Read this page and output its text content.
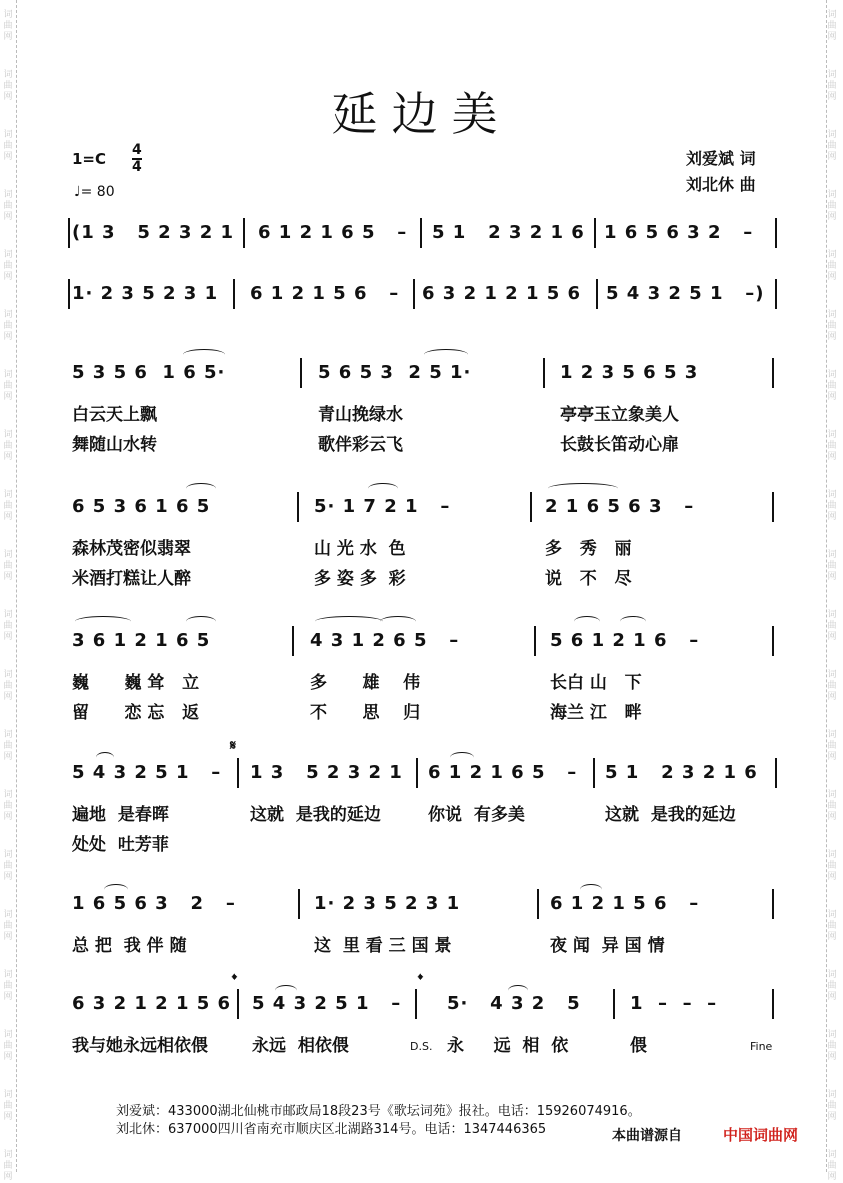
延边美
$1=C \frac{4}{4}$
♩= 80
刘爱斌 词
刘北休 曲
(1 3   5 2 3 2 1 6 1 2 1 6 5   – 5 1   2 3 2 1 6 1 6 5 6 3 2   –
1· 2 3 5 2 3 1 6 1 2 1 5 6   – 6 3 2 1 2 1 5 6 5 4 3 2 5 1   –)
5 3 5 6  1 6 5·	5 6 5 3  2 5 1·	1 2 3 5 6 5 3
白云天上飘	青山挽绿水	亭亭玉立象美人
舞随山水转	歌伴彩云飞	长鼓长笛动心扉
6 5 3 6 1 6 5	5· 1 7 2 1   –	2 1 6 5 6 3   –
森林茂密似翡翠	山 光 水  色	多   秀   丽
米酒打糕让人醉	多 姿 多  彩	说   不   尽
3 6 1 2 1 6 5	4 3 1 2 6 5   –	5 6 1 2 1 6   –
巍      巍 耸   立	多      雄    伟	长白 山   下
留      恋 忘   返	不      思    归	海兰 江   畔
5 4 3 2 5 1   – 1 3   5 2 3 2 1 6 1 2 1 6 5   – 5 1   2 3 2 1 6
遍地  是春晖	这就  是我的延边	你说  有多美	这就  是我的延边
处处  吐芳菲
1 6 5 6 3   2   –	1· 2 3 5 2 3 1	6 1 2 1 5 6   –
总 把  我 伴 随	这  里 看 三 国 景	夜 闻  异 国 情
6 3 2 1 2 1 5 6 5 4 3 2 5 1   –	5·   4 3 2   5	1  –  –  –
我与她永远相依偎	永远  相依偎	永     远  相  依	偎
𝄋
𝄌	𝄌
D.S.	Fine
刘爱斌：433000湖北仙桃市邮政局18段23号《歌坛词苑》报社。电话：15926074916。
刘北休：637000四川省南充市顺庆区北湖路314号。电话：1347446365	本曲谱源自	中国词曲网
词曲网
词曲网
词曲网
词曲网
词曲网
词曲网
词曲网
词曲网
词曲网
词曲网
词曲网
词曲网
词曲网
词曲网
词曲网
词曲网
词曲网
词曲网
词曲网
词曲网
词曲网
词曲网
词曲网
词曲网
词曲网
词曲网
词曲网
词曲网
词曲网
词曲网
词曲网
词曲网
词曲网
词曲网
词曲网
词曲网
词曲网
词曲网
词曲网
词曲网
